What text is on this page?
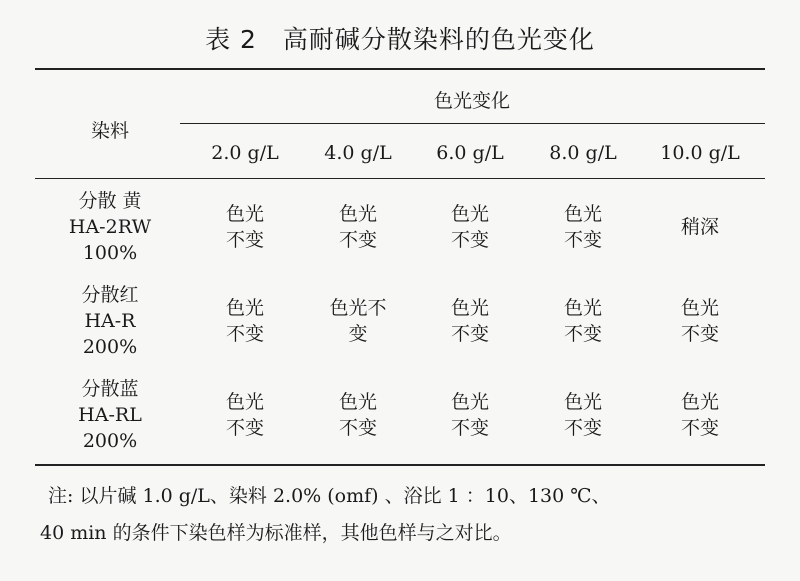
表 2　高耐碱分散染料的色光变化
染料
色光变化
2.0 g/L 4.0 g/L 6.0 g/L 8.0 g/L 10.0 g/L
分散 黄
HA-2RW
100%
色光
不变
色光
不变
色光
不变
色光
不变
稍深
分散红
HA-R
200%
色光
不变
色光不
变
色光
不变
色光
不变
色光
不变
分散蓝
HA-RL
200%
色光
不变
色光
不变
色光
不变
色光
不变
色光
不变
注: 以片碱 1.0 g/L、染料 2.0% (omf) 、浴比 1 ：10、130 ℃、
40 min 的条件下染色样为标准样，其他色样与之对比。
